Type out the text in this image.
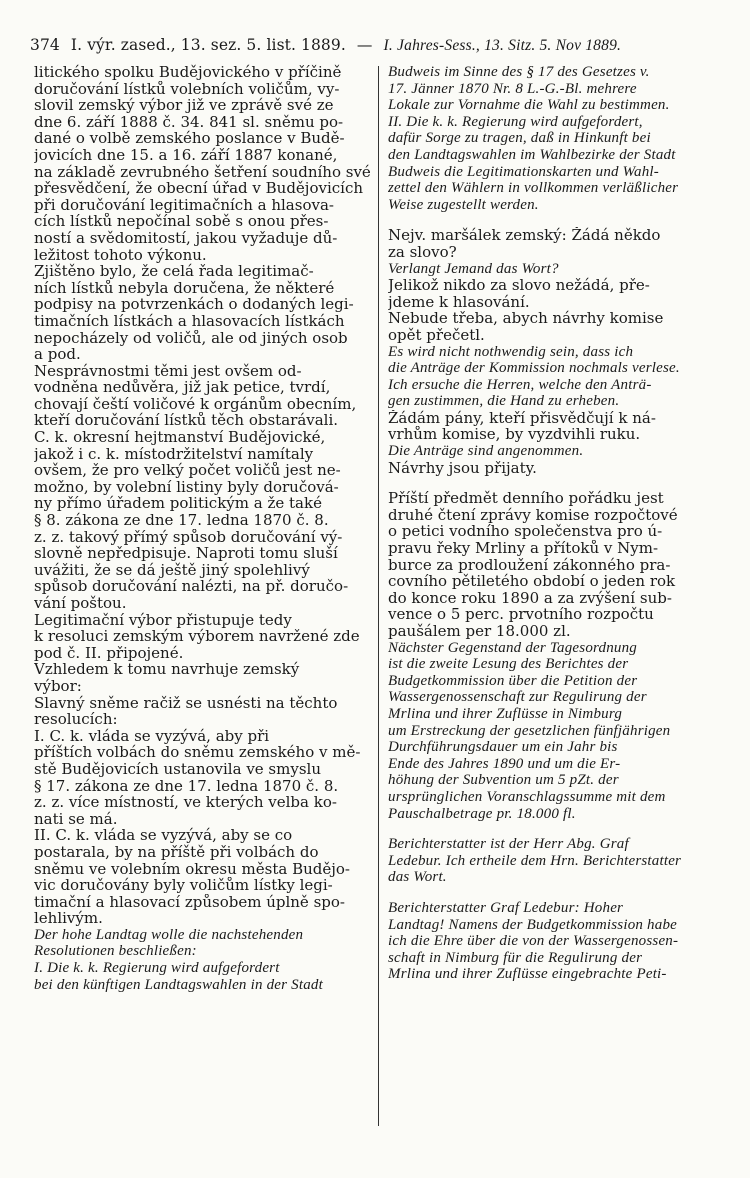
374 I. výr. zased., 13. sez. 5. list. 1889. — I. Jahres-Sess., 13. Sitz. 5. Nov 1889.
litického spolku Budějovického v příčině
doručování lístků volebních voličům, vy-
slovil zemský výbor již ve zprávě své ze
dne 6. září 1888 č. 34. 841 sl. sněmu po-
dané o volbě zemského poslance v Budě-
jovicích dne 15. a 16. září 1887 konané,
na základě zevrubného šetření soudního své
přesvědčení, že obecní úřad v Budějovicích
při doručování legitimačních a hlasova-
cích lístků nepočínal sobě s onou přes-
ností a svědomitostí, jakou vyžaduje dů-
ležitost tohoto výkonu.
Zjištěno bylo, že celá řada legitimač-
ních lístků nebyla doručena, že některé
podpisy na potvrzenkách o dodaných legi-
timačních lístkách a hlasovacích lístkách
nepocházely od voličů, ale od jiných osob
a pod.
Nesprávnostmi těmi jest ovšem od-
vodněna nedůvěra, již jak petice, tvrdí,
chovají čeští voličové k orgánům obecním,
kteří doručování lístků těch obstarávali.
C. k. okresní hejtmanství Budějovické,
jakož i c. k. místodržitelství namítaly
ovšem, že pro velký počet voličů jest ne-
možno, by volební listiny byly doručová-
ny přímo úřadem politickým a že také
§ 8. zákona ze dne 17. ledna 1870 č. 8.
z. z. takový přímý spůsob doručování vý-
slovně nepředpisuje. Naproti tomu sluší
uvážiti, že se dá ještě jiný spolehlivý
spůsob doručování nalézti, na př. doručo-
vání poštou.
Legitimační výbor přistupuje tedy
k resoluci zemským výborem navržené zde
pod č. II. připojené.
Vzhledem k tomu navrhuje zemský
výbor:
Slavný sněme račiž se usnésti na těchto
resolucích:
I. C. k. vláda se vyzývá, aby při
příštích volbách do sněmu zemského v mě-
stě Budějovicích ustanovila ve smyslu
§ 17. zákona ze dne 17. ledna 1870 č. 8.
z. z. více místností, ve kterých velba ko-
nati se má.
II. C. k. vláda se vyzývá, aby se co
postarala, by na příště při volbách do
sněmu ve volebním okresu města Budějo-
vic doručovány byly voličům lístky legi-
timační a hlasovací způsobem úplně spo-
lehlivým.
Der hohe Landtag wolle die nachstehenden
Resolutionen beschließen:
I. Die k. k. Regierung wird aufgefordert
bei den künftigen Landtagswahlen in der Stadt
Budweis im Sinne des § 17 des Gesetzes v.
17. Jänner 1870 Nr. 8 L.-G.-Bl. mehrere
Lokale zur Vornahme die Wahl zu bestimmen.
II. Die k. k. Regierung wird aufgefordert,
dafür Sorge zu tragen, daß in Hinkunft bei
den Landtagswahlen im Wahlbezirke der Stadt
Budweis die Legitimationskarten und Wahl-
zettel den Wählern in vollkommen verläßlicher
Weise zugestellt werden.
Nejv. maršálek zemský: Žádá někdo
za slovo?
Verlangt Jemand das Wort?
Jelikož nikdo za slovo nežádá, pře-
jdeme k hlasování.
Nebude třeba, abych návrhy komise
opět přečetl.
Es wird nicht nothwendig sein, dass ich
die Anträge der Kommission nochmals verlese.
Ich ersuche die Herren, welche den Anträ-
gen zustimmen, die Hand zu erheben.
Žádám pány, kteří přisvědčují k ná-
vrhům komise, by vyzdvihli ruku.
Die Anträge sind angenommen.
Návrhy jsou přijaty.
Příští předmět denního pořádku jest
druhé čtení zprávy komise rozpočtové
o petici vodního společenstva pro ú-
pravu řeky Mrliny a přítoků v Nym-
burce za prodloužení zákonného pra-
covního pětiletého období o jeden rok
do konce roku 1890 a za zvýšení sub-
vence o 5 perc. prvotního rozpočtu
paušálem per 18.000 zl.
Nächster Gegenstand der Tagesordnung
ist die zweite Lesung des Berichtes der
Budgetkommission über die Petition der
Wassergenossenschaft zur Regulirung der
Mrlina und ihrer Zuflüsse in Nimburg
um Erstreckung der gesetzlichen fünfjährigen
Durchführungsdauer um ein Jahr bis
Ende des Jahres 1890 und um die Er-
höhung der Subvention um 5 pZt. der
ursprünglichen Voranschlagssumme mit dem
Pauschalbetrage pr. 18.000 fl.
Berichterstatter ist der Herr Abg. Graf
Ledebur. Ich ertheile dem Hrn. Berichterstatter
das Wort.
Berichterstatter Graf Ledebur: Hoher
Landtag! Namens der Budgetkommission habe
ich die Ehre über die von der Wassergenossen-
schaft in Nimburg für die Regulirung der
Mrlina und ihrer Zuflüsse eingebrachte Peti-
